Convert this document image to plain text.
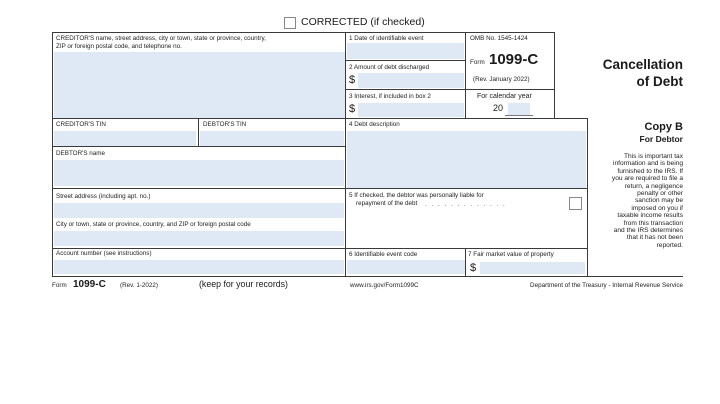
CORRECTED (if checked)
CREDITOR'S name, street address, city or town, state or province, country,
ZIP or foreign postal code, and telephone no.
1 Date of identifiable event
2 Amount of debt discharged
$
3 Interest, if included in box 2
$
OMB No. 1545-1424
Form 1099-C
(Rev. January 2022)
For calendar year
20
Cancellation
of Debt
CREDITOR'S TIN	DEBTOR'S TIN	4 Debt description
DEBTOR'S name
Street address (including apt. no.)
City or town, state or province, country, and ZIP or foreign postal code
Account number (see instructions)
5 If checked, the debtor was personally liable for
repayment of the debt . . . . . . . . . . . . .
6 Identifiable event code	7 Fair market value of property
$
Copy B
For Debtor
This is important tax
information and is being
furnished to the IRS. If
you are required to file a
return, a negligence
penalty or other
sanction may be
imposed on you if
taxable income results
from this transaction
and the IRS determines
that it has not been
reported.
Form 1099-C (Rev. 1-2022)	(keep for your records)	www.irs.gov/Form1099C	Department of the Treasury - Internal Revenue Service
